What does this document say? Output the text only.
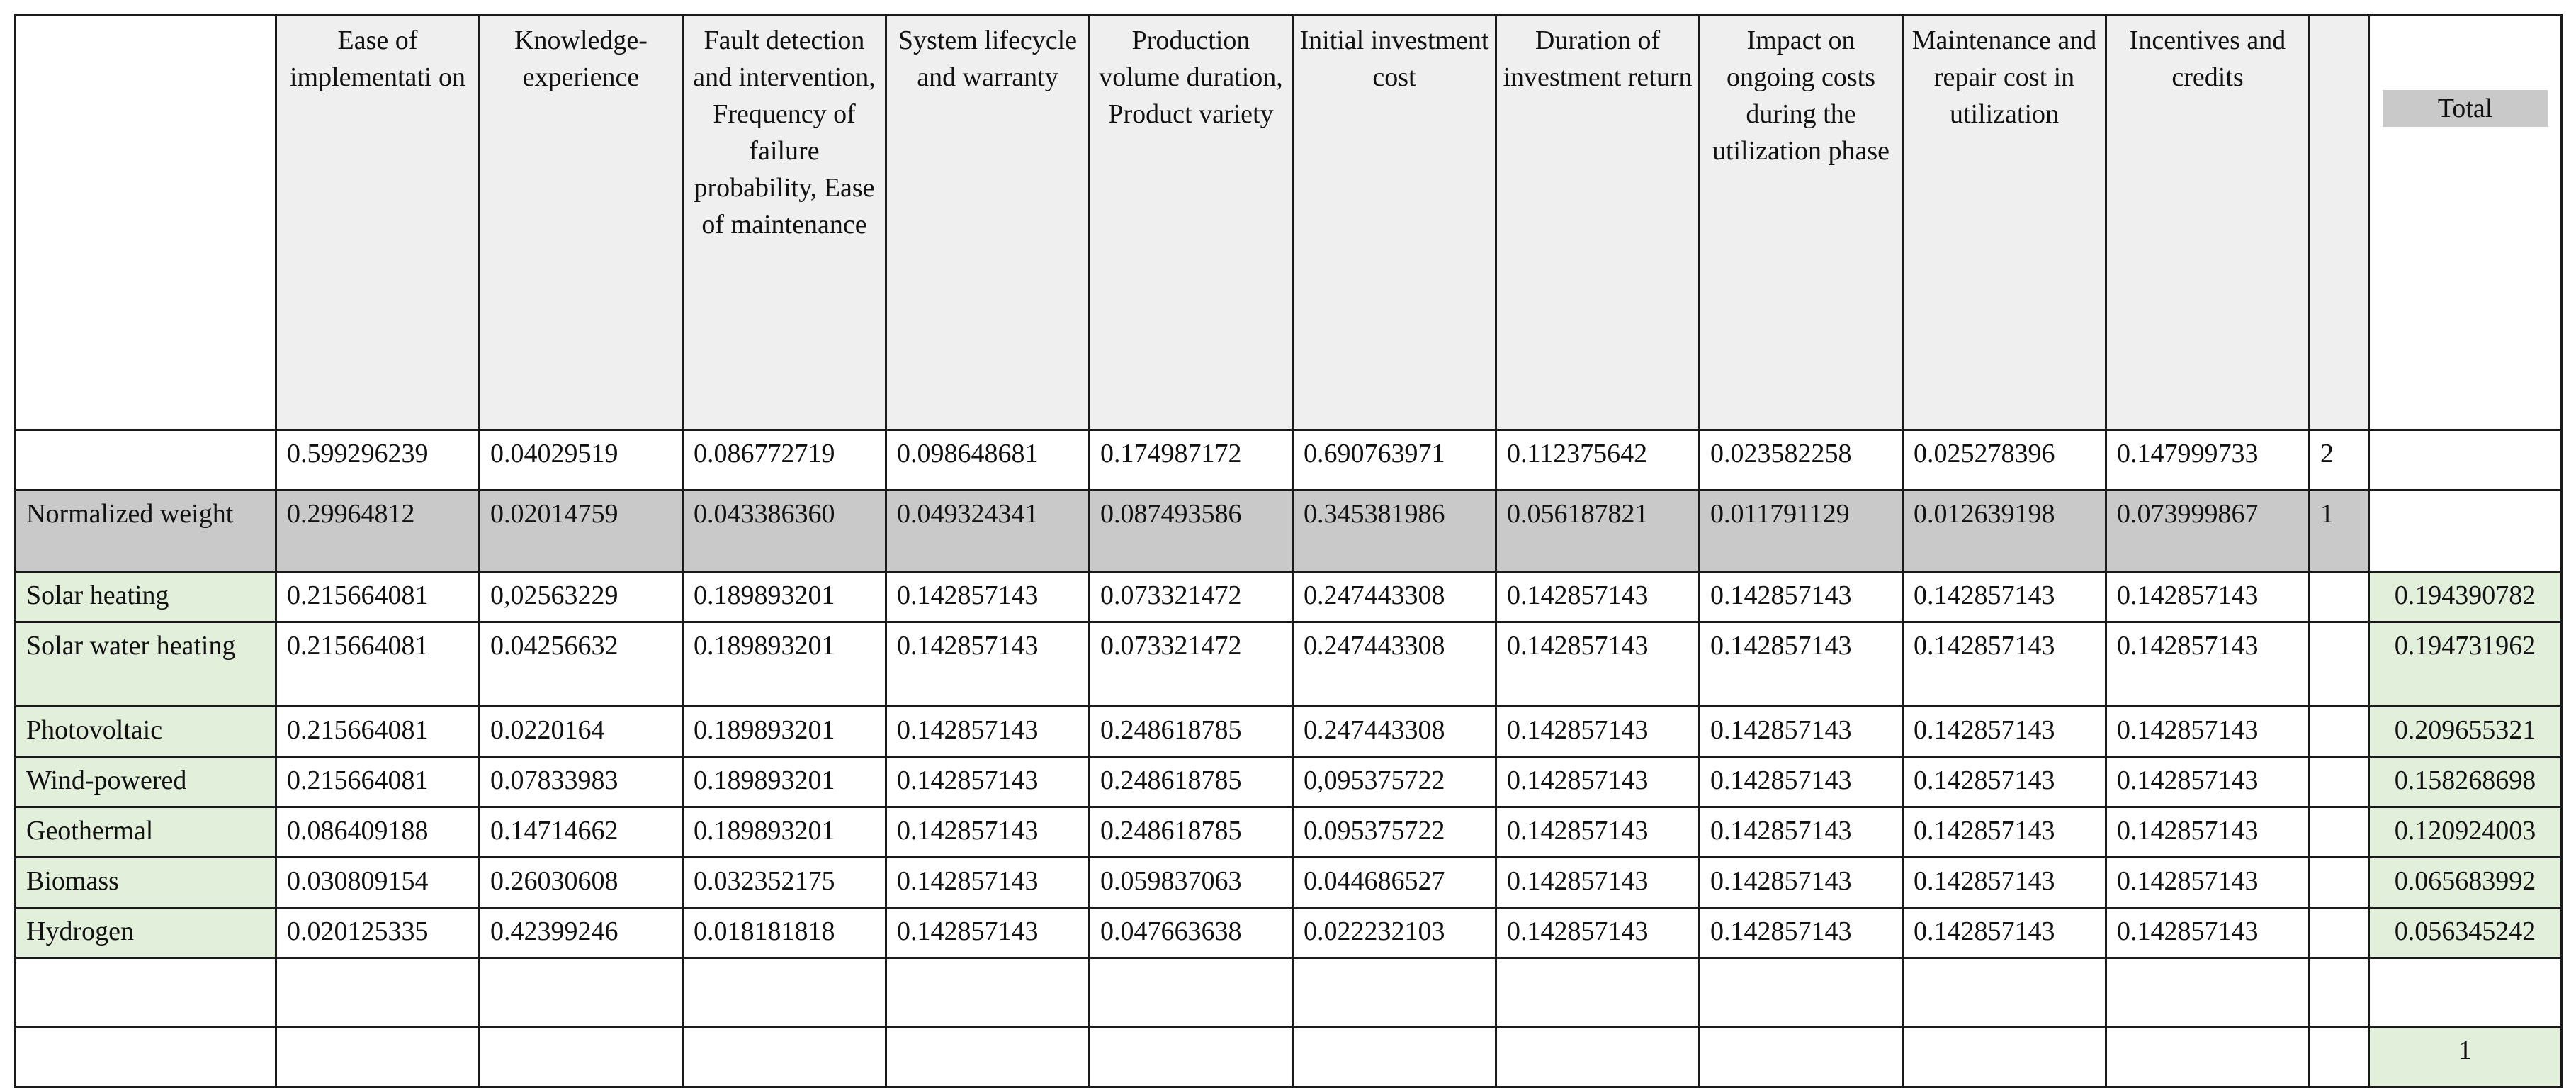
	Ease of implementati on	Knowledge-experience	Fault detection and intervention, Frequency of failure probability, Ease of maintenance	System lifecycle and warranty	Production volume duration, Product variety	Initial investment cost	Duration of investment return	Impact on ongoing costs during the utilization phase	Maintenance and repair cost in utilization	Incentives and credits		Total

	0.599296239	0.04029519	0.086772719	0.098648681	0.174987172	0.690763971	0.112375642	0.023582258	0.025278396	0.147999733	2	
Normalized weight	0.29964812	0.02014759	0.043386360	0.049324341	0.087493586	0.345381986	0.056187821	0.011791129	0.012639198	0.073999867	1	
Solar heating	0.215664081	0,02563229	0.189893201	0.142857143	0.073321472	0.247443308	0.142857143	0.142857143	0.142857143	0.142857143		0.194390782
Solar water heating	0.215664081	0.04256632	0.189893201	0.142857143	0.073321472	0.247443308	0.142857143	0.142857143	0.142857143	0.142857143		0.194731962
Photovoltaic	0.215664081	0.0220164	0.189893201	0.142857143	0.248618785	0.247443308	0.142857143	0.142857143	0.142857143	0.142857143		0.209655321
Wind-powered	0.215664081	0.07833983	0.189893201	0.142857143	0.248618785	0,095375722	0.142857143	0.142857143	0.142857143	0.142857143		0.158268698
Geothermal	0.086409188	0.14714662	0.189893201	0.142857143	0.248618785	0.095375722	0.142857143	0.142857143	0.142857143	0.142857143		0.120924003
Biomass	0.030809154	0.26030608	0.032352175	0.142857143	0.059837063	0.044686527	0.142857143	0.142857143	0.142857143	0.142857143		0.065683992
Hydrogen	0.020125335	0.42399246	0.018181818	0.142857143	0.047663638	0.022232103	0.142857143	0.142857143	0.142857143	0.142857143		0.056345242

												1
